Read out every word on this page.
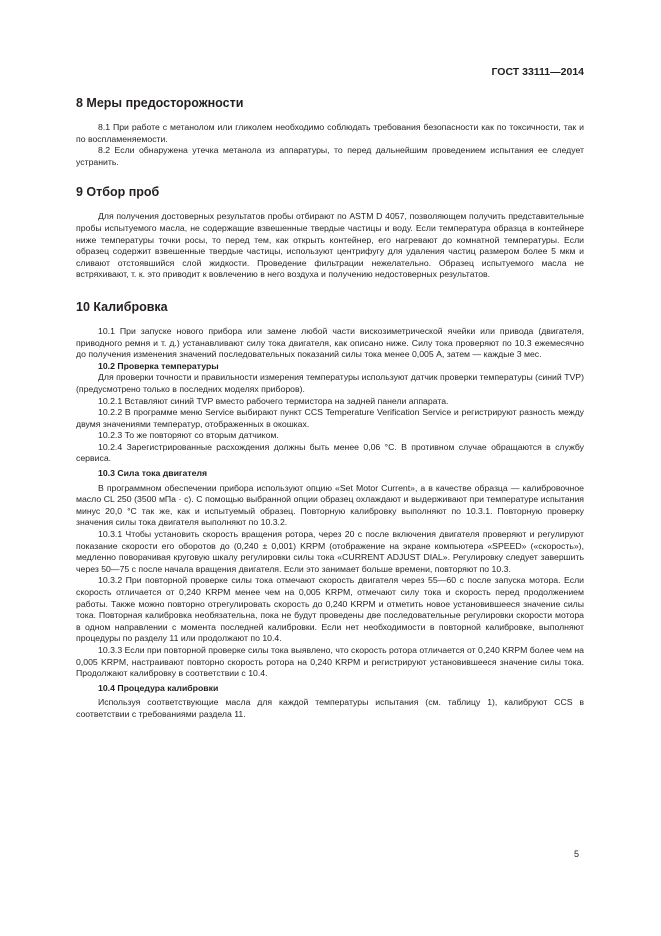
ГОСТ 33111—2014
8 Меры предосторожности

8.1 При работе с метанолом или гликолем необходимо соблюдать требования безопасности как по токсичности, так и по воспламеняемости.

8.2 Если обнаружена утечка метанола из аппаратуры, то перед дальнейшим проведением испытания ее следует устранить.

9 Отбор проб

Для получения достоверных результатов пробы отбирают по ASTM D 4057, позволяющем получить представительные пробы испытуемого масла, не содержащие взвешенные твердые частицы и воду. Если температура образца в контейнере ниже температуры точки росы, то перед тем, как открыть контейнер, его нагревают до комнатной температуры. Если образец содержит взвешенные твердые частицы, используют центрифугу для удаления частиц размером более 5 мкм и сливают отстоявшийся слой жидкости. Проведение фильтрации нежелательно. Образец испытуемого масла не встряхивают, т. к. это приводит к вовлечению в него воздуха и получению недостоверных результатов.

10 Калибровка

10.1 При запуске нового прибора или замене любой части вискозиметрической ячейки или привода (двигателя, приводного ремня и т. д.) устанавливают силу тока двигателя, как описано ниже. Силу тока проверяют по 10.3 ежемесячно до получения изменения значений последовательных показаний силы тока менее 0,005 А, затем — каждые 3 мес.

10.2 Проверка температуры

Для проверки точности и правильности измерения температуры используют датчик проверки температуры (синий TVP) (предусмотрено только в последних моделях приборов).

10.2.1 Вставляют синий TVP вместо рабочего термистора на задней панели аппарата.

10.2.2 В программе меню Service выбирают пункт CCS Temperature Verification Service и регистрируют разность между двумя значениями температур, отображенных в окошках.

10.2.3 То же повторяют со вторым датчиком.

10.2.4 Зарегистрированные расхождения должны быть менее 0,06 °С. В противном случае обращаются в службу сервиса.

10.3 Сила тока двигателя

В программном обеспечении прибора используют опцию «Set Motor Current», а в качестве образца — калибровочное масло CL 250 (3500 мПа · с). С помощью выбранной опции образец охлаждают и выдерживают при температуре испытания минус 20,0 °С так же, как и испытуемый образец. Повторную калибровку выполняют по 10.3.1. Повторную проверку значения силы тока двигателя выполняют по 10.3.2.

10.3.1 Чтобы установить скорость вращения ротора, через 20 с после включения двигателя проверяют и регулируют показание скорости его оборотов до (0,240 ± 0,001) KRPM (отображение на экране компьютера «SPEED» («скорость»), медленно поворачивая круговую шкалу регулировки силы тока «CURRENT ADJUST DIAL». Регулировку следует завершить через 50—75 с после начала вращения двигателя. Если это занимает больше времени, повторяют по 10.3.

10.3.2 При повторной проверке силы тока отмечают скорость двигателя через 55—60 с после запуска мотора. Если скорость отличается от 0,240 KRPM менее чем на 0,005 KRPM, отмечают силу тока и скорость перед продолжением работы. Также можно повторно отрегулировать скорость до 0,240 KRPM и отметить новое установившееся значение силы тока. Повторная калибровка необязательна, пока не будут проведены две последовательные регулировки скорости мотора в одном направлении с момента последней калибровки. Если нет необходимости в повторной калибровке, выполняют процедуры по разделу 11 или продолжают по 10.4.

10.3.3 Если при повторной проверке силы тока выявлено, что скорость ротора отличается от 0,240 KRPM более чем на 0,005 KRPM, настраивают повторно скорость ротора на 0,240 KRPM и регистрируют установившееся значение силы тока. Продолжают калибровку в соответствии с 10.4.

10.4 Процедура калибровки

Используя соответствующие масла для каждой температуры испытания (см. таблицу 1), калибруют CCS в соответствии с требованиями раздела 11.

5
